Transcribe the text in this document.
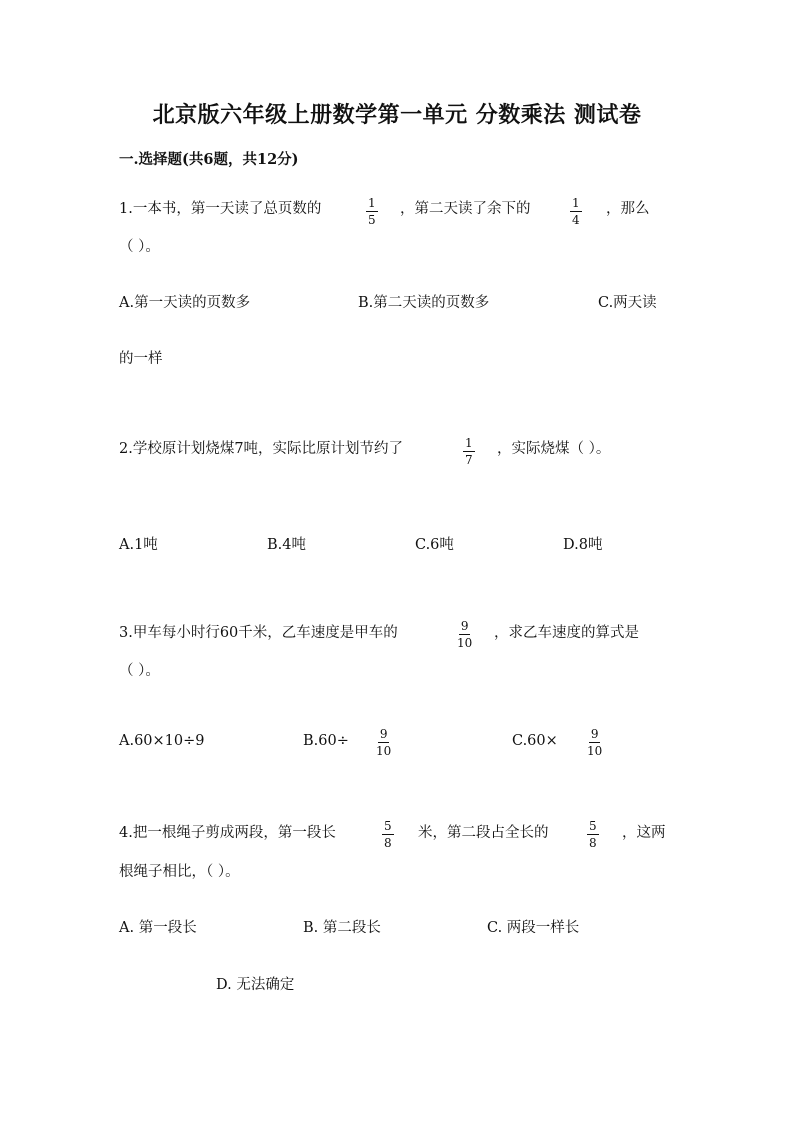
北京版六年级上册数学第一单元 分数乘法 测试卷
一.选择题(共6题，共12分)
1.一本书，第一天读了总页数的	$\frac{1}{5}$ ，第二天读了余下的	$\frac{1}{4}$ ，那么
（ ）。
A.第一天读的页数多	B.第二天读的页数多	C.两天读
的一样
2.学校原计划烧煤7吨，实际比原计划节约了	$\frac{1}{7}$ ，实际烧煤（ ）。
A.1吨	B.4吨	C.6吨	D.8吨
3.甲车每小时行60千米，乙车速度是甲车的	$\frac{9}{10}$ ，求乙车速度的算式是
（ ）。
A.60×10÷9	$B.60\div \frac{9}{10}$	$C.60\times \frac{9}{10}$
4.把一根绳子剪成两段，第一段长	$\frac{5}{8}$ 米，第二段占全长的	$\frac{5}{8}$ ，这两
根绳子相比，（ ）。
A. 第一段长	B. 第二段长	C. 两段一样长
D. 无法确定
